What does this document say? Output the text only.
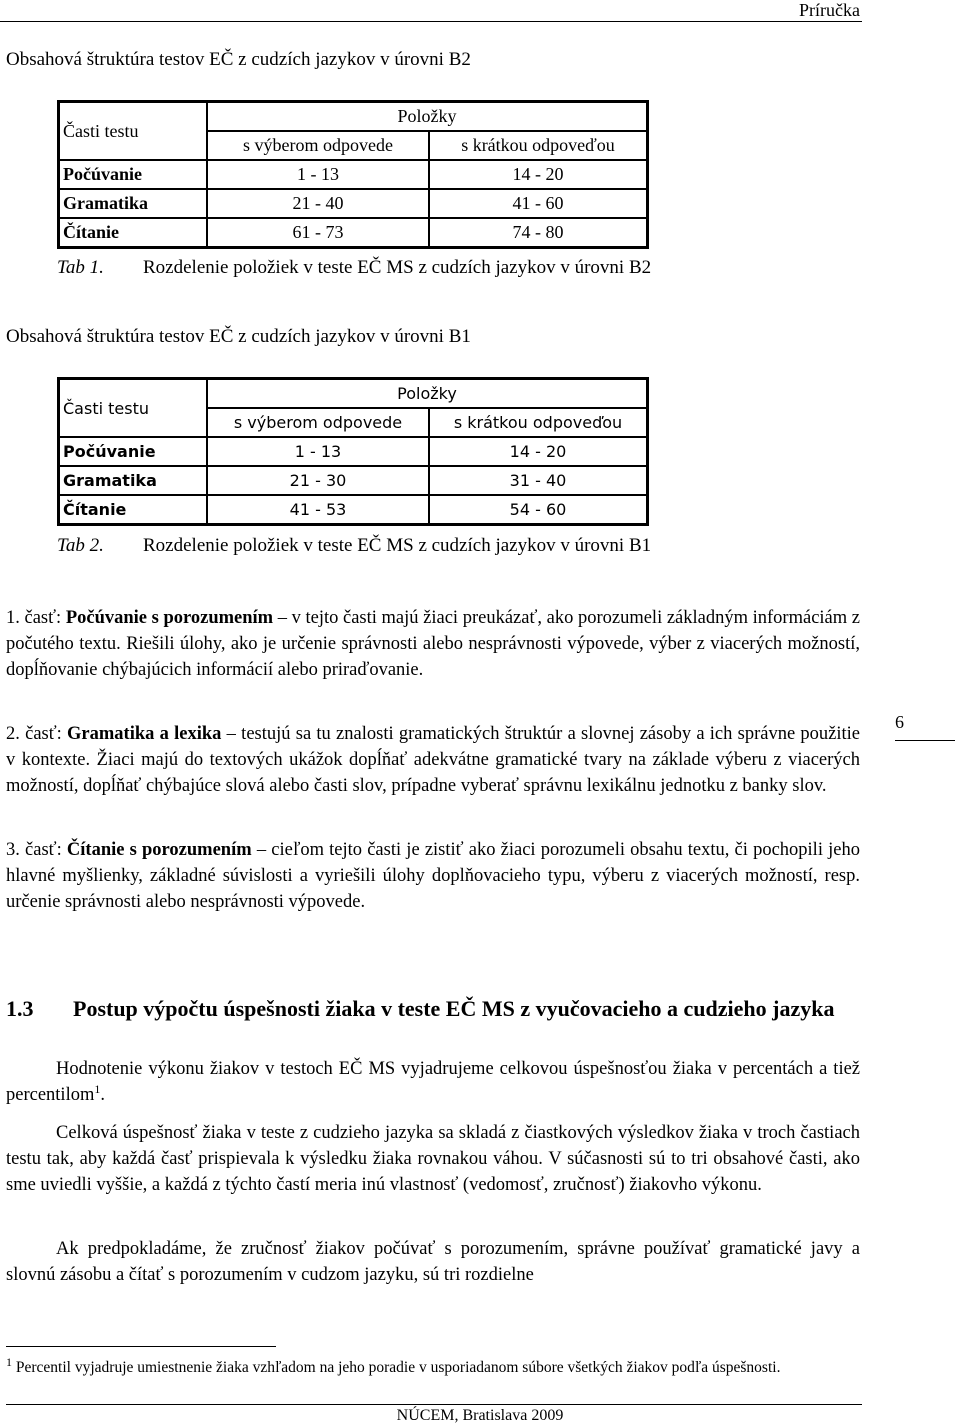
Príručka
Obsahová štruktúra testov EČ z cudzích jazykov v úrovni B2
Časti testu	Položky	
	s výberom odpovede	s krátkou odpoveďou
Počúvanie	1 - 13	14 - 20
Gramatika	21 - 40	41 - 60
Čítanie	61 - 73	74 - 80
Tab 1. Rozdelenie položiek v teste EČ MS z cudzích jazykov v úrovni B2
Obsahová štruktúra testov EČ z cudzích jazykov v úrovni B1
Časti testu	Položky	
	s výberom odpovede	s krátkou odpoveďou
Počúvanie	1 - 13	14 - 20
Gramatika	21 - 30	31 - 40
Čítanie	41 - 53	54 - 60
Tab 2. Rozdelenie položiek v teste EČ MS z cudzích jazykov v úrovni B1
1. časť: Počúvanie s porozumením – v tejto časti majú žiaci preukázať, ako porozumeli základným informáciám z počutého textu. Riešili úlohy, ako je určenie správnosti alebo nesprávnosti výpovede, výber z viacerých možností, dopĺňovanie chýbajúcich informácií alebo priraďovanie.
2. časť: Gramatika a lexika – testujú sa tu znalosti gramatických štruktúr a slovnej zásoby a ich správne použitie v kontexte. Žiaci majú do textových ukážok dopĺňať adekvátne gramatické tvary na základe výberu z viacerých možností, dopĺňať chýbajúce slová alebo časti slov, prípadne vyberať správnu lexikálnu jednotku z banky slov.
3. časť: Čítanie s porozumením – cieľom tejto časti je zistiť ako žiaci porozumeli obsahu textu, či pochopili jeho hlavné myšlienky, základné súvislosti a vyriešili úlohy doplňovacieho typu, výberu z viacerých možností, resp. určenie správnosti alebo nesprávnosti výpovede.
6
1.3 Postup výpočtu úspešnosti žiaka v teste EČ MS z vyučovacieho a cudzieho jazyka
Hodnotenie výkonu žiakov v testoch EČ MS vyjadrujeme celkovou úspešnosťou žiaka v percentách a tiež percentilom$^1$.
Celková úspešnosť žiaka v teste z cudzieho jazyka sa skladá z čiastkových výsledkov žiaka v troch častiach testu tak, aby každá časť prispievala k výsledku žiaka rovnakou váhou. V súčasnosti sú to tri obsahové časti, ako sme uviedli vyššie, a každá z týchto častí meria inú vlastnosť (vedomosť, zručnosť) žiakovho výkonu.
Ak predpokladáme, že zručnosť žiakov počúvať s porozumením, správne používať gramatické javy a slovnú zásobu a čítať s porozumením v cudzom jazyku, sú tri rozdielne
$^1$ Percentil vyjadruje umiestnenie žiaka vzhľadom na jeho poradie v usporiadanom súbore všetkých žiakov podľa úspešnosti.
NÚCEM, Bratislava 2009
